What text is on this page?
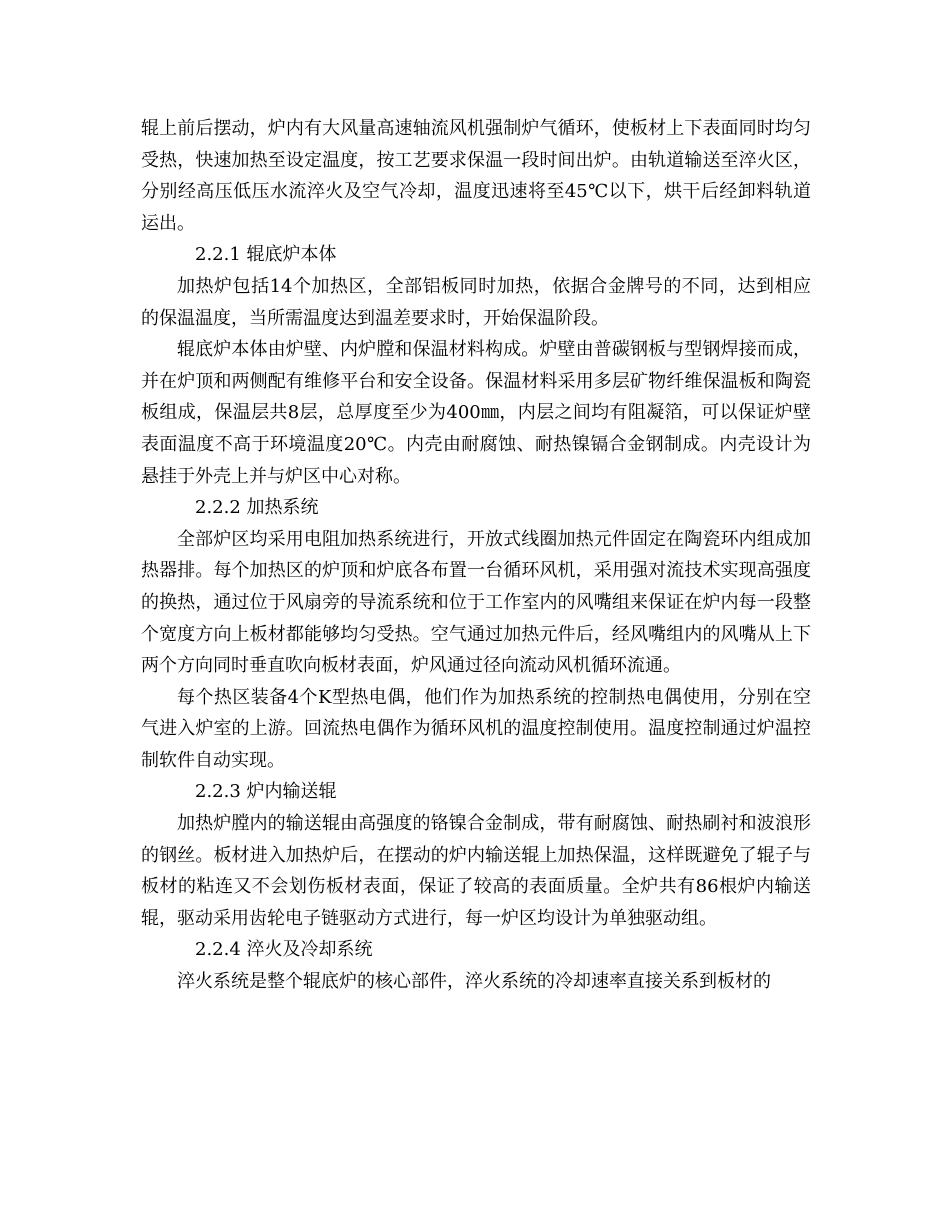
辊上前后摆动，炉内有大风量高速轴流风机强制炉气循环，使板材上下表面同时均匀受热，快速加热至设定温度，按工艺要求保温一段时间出炉。由轨道输送至淬火区，分别经高压低压水流淬火及空气冷却，温度迅速将至45℃以下，烘干后经卸料轨道运出。

2.2.1 辊底炉本体

加热炉包括14个加热区，全部铝板同时加热，依据合金牌号的不同，达到相应的保温温度，当所需温度达到温差要求时，开始保温阶段。

辊底炉本体由炉壁、内炉膛和保温材料构成。炉壁由普碳钢板与型钢焊接而成，并在炉顶和两侧配有维修平台和安全设备。保温材料采用多层矿物纤维保温板和陶瓷板组成，保温层共8层，总厚度至少为400㎜，内层之间均有阻凝箔，可以保证炉壁表面温度不高于环境温度20℃。内壳由耐腐蚀、耐热镍镉合金钢制成。内壳设计为悬挂于外壳上并与炉区中心对称。

2.2.2 加热系统

全部炉区均采用电阻加热系统进行，开放式线圈加热元件固定在陶瓷环内组成加热器排。每个加热区的炉顶和炉底各布置一台循环风机，采用强对流技术实现高强度的换热，通过位于风扇旁的导流系统和位于工作室内的风嘴组来保证在炉内每一段整个宽度方向上板材都能够均匀受热。空气通过加热元件后，经风嘴组内的风嘴从上下两个方向同时垂直吹向板材表面，炉风通过径向流动风机循环流通。

每个热区装备4个K型热电偶，他们作为加热系统的控制热电偶使用，分别在空气进入炉室的上游。回流热电偶作为循环风机的温度控制使用。温度控制通过炉温控制软件自动实现。

2.2.3 炉内输送辊

加热炉膛内的输送辊由高强度的铬镍合金制成，带有耐腐蚀、耐热刷衬和波浪形的钢丝。板材进入加热炉后，在摆动的炉内输送辊上加热保温，这样既避免了辊子与板材的粘连又不会划伤板材表面，保证了较高的表面质量。全炉共有86根炉内输送辊，驱动采用齿轮电子链驱动方式进行，每一炉区均设计为单独驱动组。

2.2.4 淬火及冷却系统

淬火系统是整个辊底炉的核心部件，淬火系统的冷却速率直接关系到板材的
